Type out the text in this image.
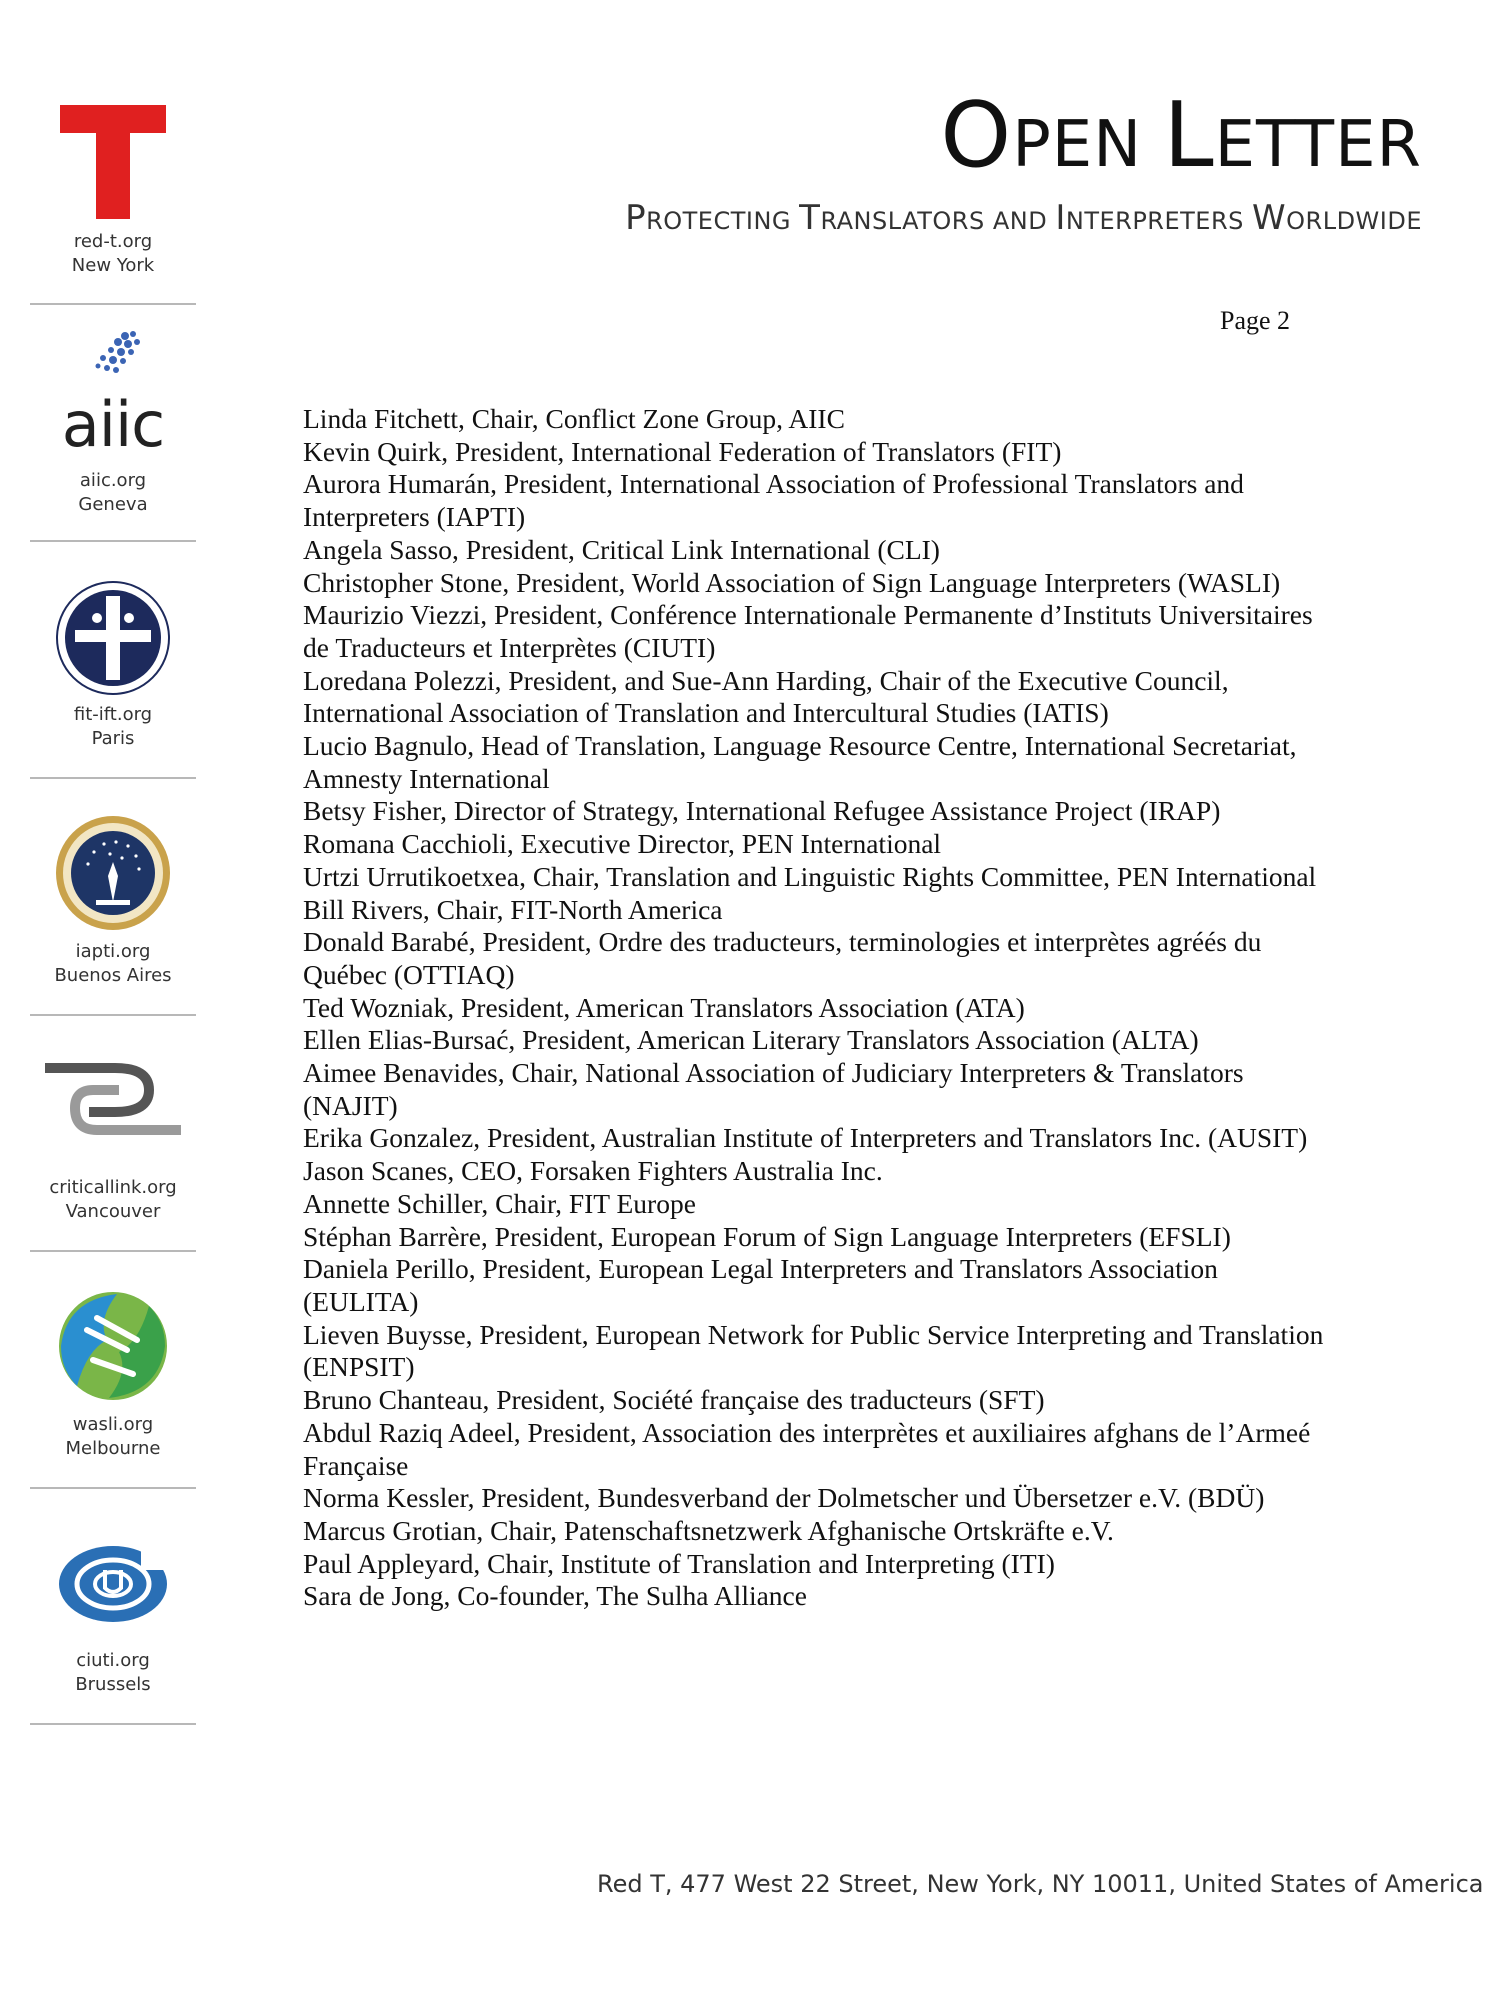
red-t.org
New York
aiic
aiic.org
Geneva
fit-ift.org
Paris
iapti.org
Buenos Aires
criticallink.org
Vancouver
wasli.org
Melbourne
ciuti.org
Brussels
OPEN LETTER
PROTECTING TRANSLATORS AND INTERPRETERS WORLDWIDE
Page 2
Linda Fitchett, Chair, Conflict Zone Group, AIIC
Kevin Quirk, President, International Federation of Translators (FIT)
Aurora Humarán, President, International Association of Professional Translators and
Interpreters (IAPTI)
Angela Sasso, President, Critical Link International (CLI)
Christopher Stone, President, World Association of Sign Language Interpreters (WASLI)
Maurizio Viezzi, President, Conférence Internationale Permanente d’Instituts Universitaires
de Traducteurs et Interprètes (CIUTI)
Loredana Polezzi, President, and Sue-Ann Harding, Chair of the Executive Council,
International Association of Translation and Intercultural Studies (IATIS)
Lucio Bagnulo, Head of Translation, Language Resource Centre, International Secretariat,
Amnesty International
Betsy Fisher, Director of Strategy, International Refugee Assistance Project (IRAP)
Romana Cacchioli, Executive Director, PEN International
Urtzi Urrutikoetxea, Chair, Translation and Linguistic Rights Committee, PEN International
Bill Rivers, Chair, FIT-North America
Donald Barabé, President, Ordre des traducteurs, terminologies et interprètes agréés du
Québec (OTTIAQ)
Ted Wozniak, President, American Translators Association (ATA)
Ellen Elias-Bursać, President, American Literary Translators Association (ALTA)
Aimee Benavides, Chair, National Association of Judiciary Interpreters & Translators
(NAJIT)
Erika Gonzalez, President, Australian Institute of Interpreters and Translators Inc. (AUSIT)
Jason Scanes, CEO, Forsaken Fighters Australia Inc.
Annette Schiller, Chair, FIT Europe
Stéphan Barrère, President, European Forum of Sign Language Interpreters (EFSLI)
Daniela Perillo, President, European Legal Interpreters and Translators Association
(EULITA)
Lieven Buysse, President, European Network for Public Service Interpreting and Translation
(ENPSIT)
Bruno Chanteau, President, Société française des traducteurs (SFT)
Abdul Raziq Adeel, President, Association des interprètes et auxiliaires afghans de l’Armeé
Française
Norma Kessler, President, Bundesverband der Dolmetscher und Übersetzer e.V. (BDÜ)
Marcus Grotian, Chair, Patenschaftsnetzwerk Afghanische Ortskräfte e.V.
Paul Appleyard, Chair, Institute of Translation and Interpreting (ITI)
Sara de Jong, Co-founder, The Sulha Alliance
Red T, 477 West 22 Street, New York, NY 10011, United States of America
